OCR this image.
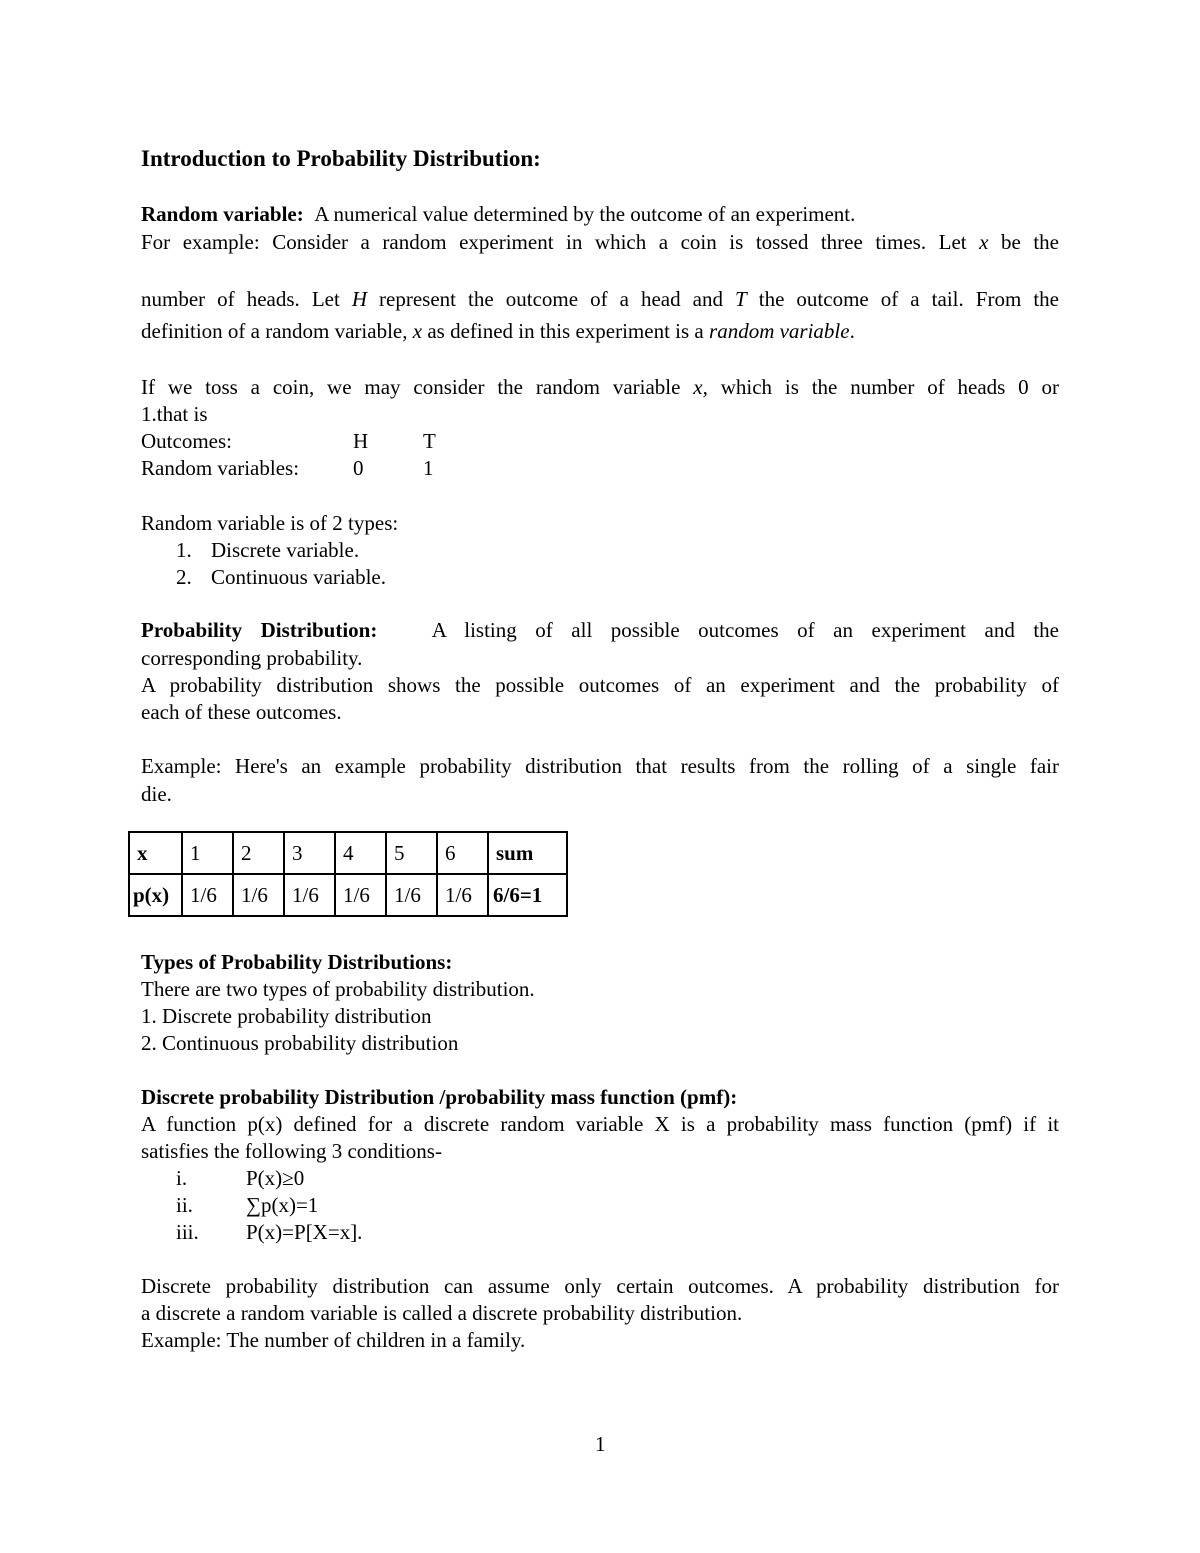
Introduction to Probability Distribution:
Random variable: A numerical value determined by the outcome of an experiment.
For example: Consider a random experiment in which a coin is tossed three times. Let x be the
number of heads. Let H represent the outcome of a head and T the outcome of a tail. From the
definition of a random variable, x as defined in this experiment is a random variable.
If we toss a coin, we may consider the random variable x, which is the number of heads 0 or
1.that is
Outcomes:	H	T
Random variables:	0	1
Random variable is of 2 types:
1. Discrete variable.
2. Continuous variable.
Probability Distribution:	A listing of all possible outcomes of an experiment and the
corresponding probability.
A probability distribution shows the possible outcomes of an experiment and the probability of
each of these outcomes.
Example: Here's an example probability distribution that results from the rolling of a single fair
die.
x	1	2	3	4	5	6	sum
p(x)	1/6	1/6	1/6	1/6	1/6	1/6	6/6=1
Types of Probability Distributions:
There are two types of probability distribution.
1. Discrete probability distribution
2. Continuous probability distribution
Discrete probability Distribution /probability mass function (pmf):
A function p(x) defined for a discrete random variable X is a probability mass function (pmf) if it
satisfies the following 3 conditions-
i.	P(x)≥0
ii.	∑p(x)=1
iii. P(x)=P[X=x].
Discrete probability distribution can assume only certain outcomes. A probability distribution for
a discrete a random variable is called a discrete probability distribution.
Example: The number of children in a family.
1
